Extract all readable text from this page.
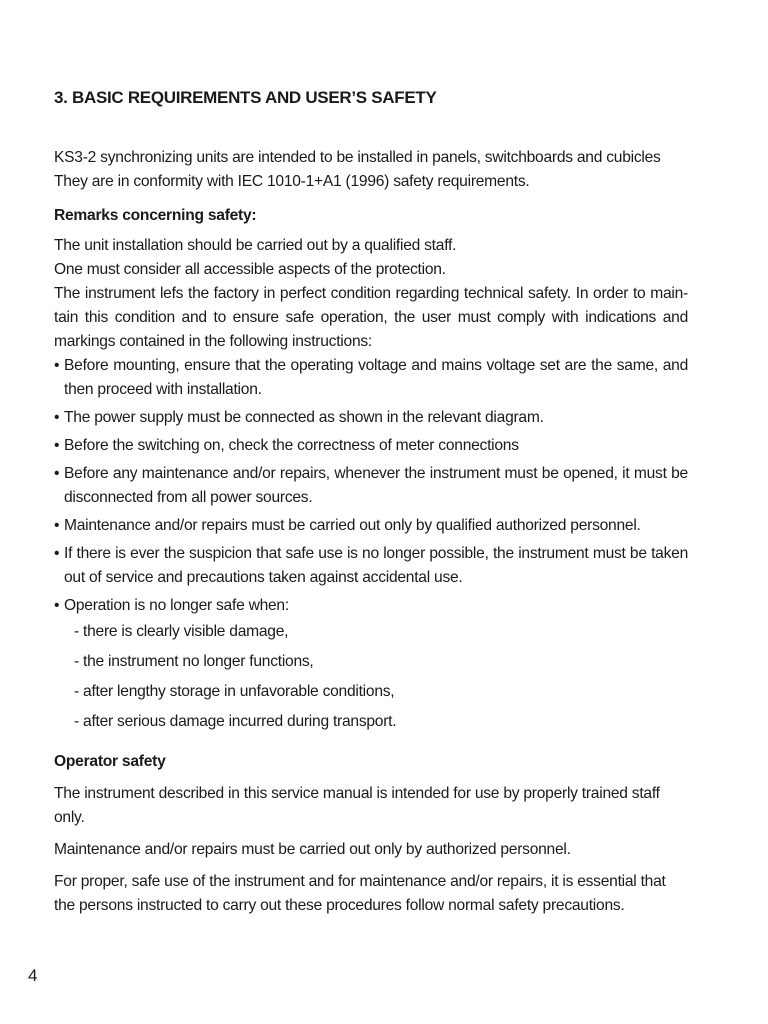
3. BASIC REQUIREMENTS AND USER’S SAFETY

KS3-2 synchronizing units are intended to be installed in panels, switchboards and cubicles

They are in conformity with IEC 1010-1+A1 (1996) safety requirements.

Remarks concerning safety:

The unit installation should be carried out by a qualified staff.

One must consider all accessible aspects of the protection.

The instrument lefs the factory in perfect condition regarding technical safety. In order to main-tain this condition and to ensure safe operation, the user must comply with indications and markings contained in the following instructions:

• Before mounting, ensure that the operating voltage and mains voltage set are the same, and then proceed with installation.
• The power supply must be connected as shown in the relevant diagram.
• Before the switching on, check the correctness of meter connections
• Before any maintenance and/or repairs, whenever the instrument must be opened, it must be disconnected from all power sources.
• Maintenance and/or repairs must be carried out only by qualified authorized personnel.
• If there is ever the suspicion that safe use is no longer possible, the instrument must be taken out of service and precautions taken against accidental use.
• Operation is no longer safe when:
- there is clearly visible damage,
- the instrument no longer functions,
- after lengthy storage in unfavorable conditions,
- after serious damage incurred during transport.

Operator safety

The instrument described in this service manual is intended for use by properly trained staff only.

Maintenance and/or repairs must be carried out only by authorized personnel.

For proper, safe use of the instrument and for maintenance and/or repairs, it is essential that the persons instructed to carry out these procedures follow normal safety precautions.

4
